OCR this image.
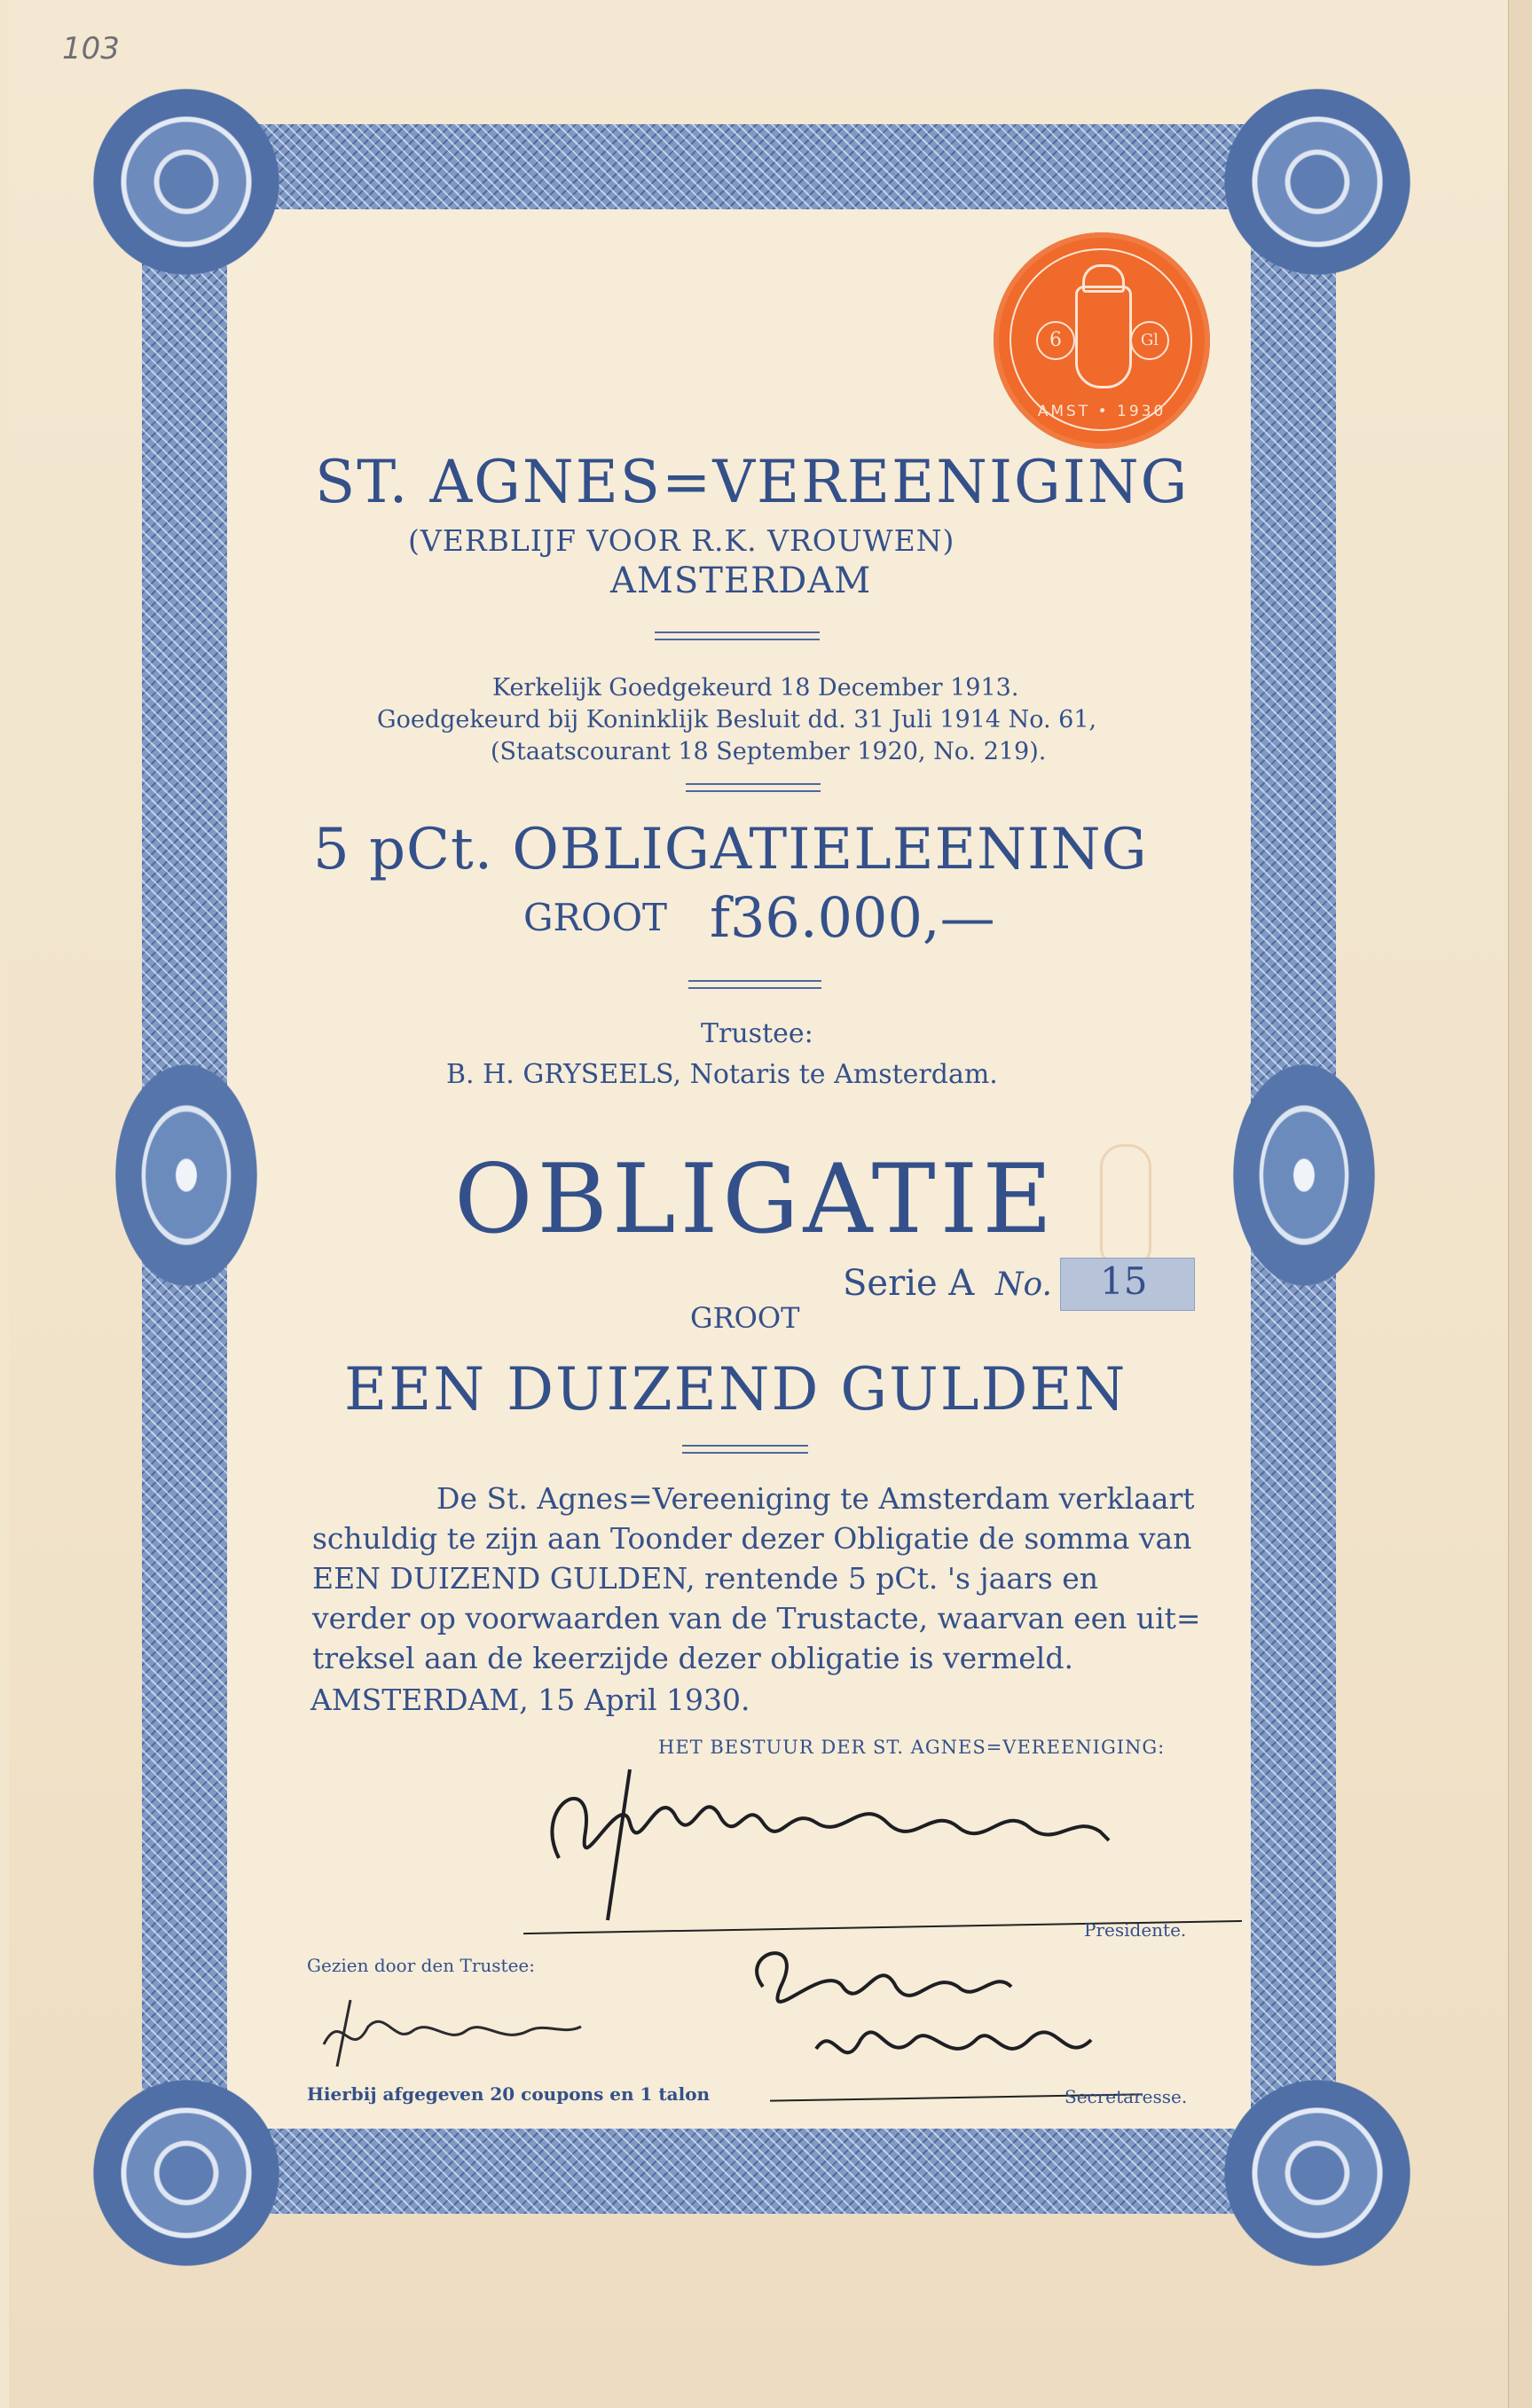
103
6	Gl
AMST • 1930
ST. AGNES=VEREENIGING
(VERBLIJF VOOR R.K. VROUWEN)
AMSTERDAM
Kerkelijk Goedgekeurd 18 December 1913.
Goedgekeurd bij Koninklijk Besluit dd. 31 Juli 1914 No. 61,
(Staatscourant 18 September 1920, No. 219).
5 pCt. OBLIGATIELEENING
GROOT f36.000,—
Trustee:
B. H. GRYSEELS, Notaris te Amsterdam.
OBLIGATIE
Serie A No. 15
GROOT
EEN DUIZEND GULDEN
De St. Agnes=Vereeniging te Amsterdam verklaart
schuldig te zijn aan Toonder dezer Obligatie de somma van
EEN DUIZEND GULDEN, rentende 5 pCt. 's jaars en
verder op voorwaarden van de Trustacte, waarvan een uit=
treksel aan de keerzijde dezer obligatie is vermeld.
AMSTERDAM, 15 April 1930.
HET BESTUUR DER ST. AGNES=VEREENIGING:
Presidente.
Gezien door den Trustee:
Secretaresse.
Hierbij afgegeven 20 coupons en 1 talon
